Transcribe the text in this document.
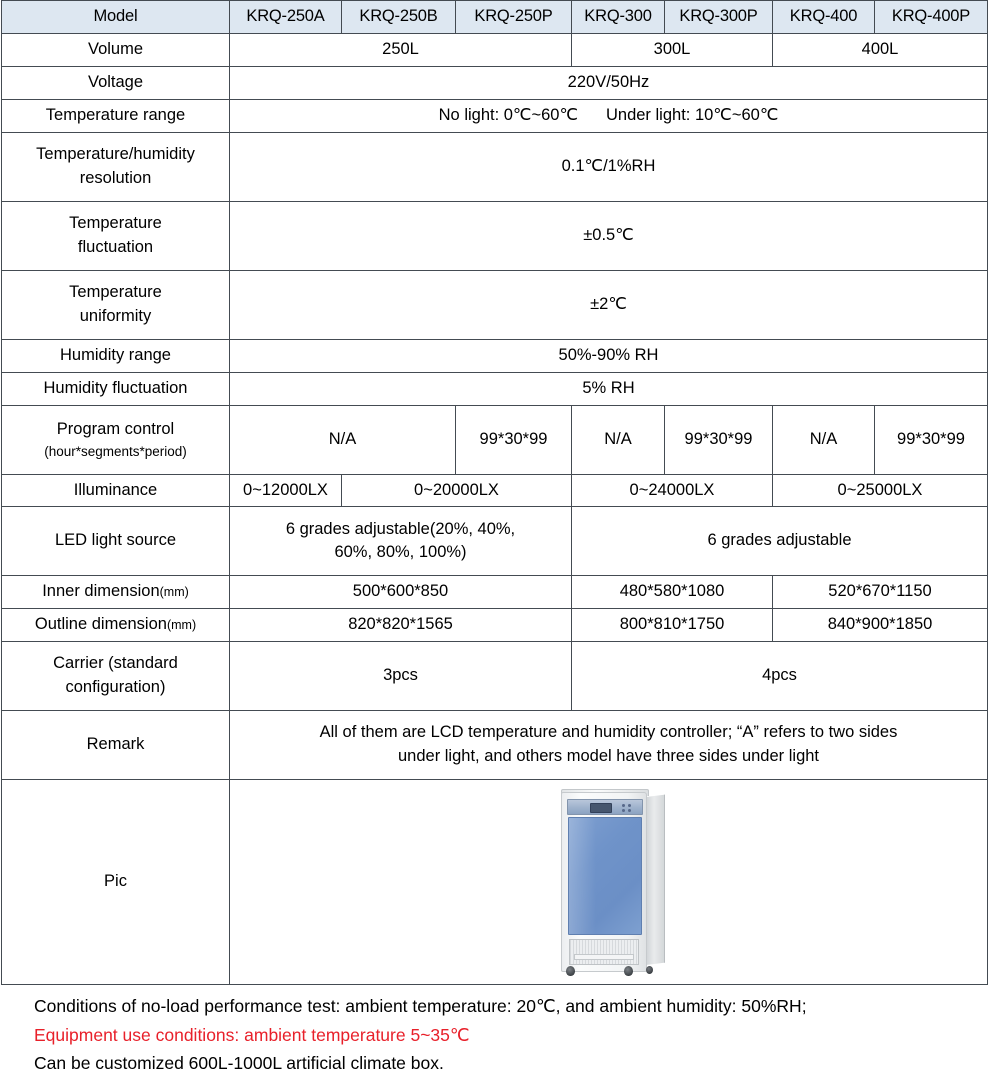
Model	KRQ-250A	KRQ-250B	KRQ-250P	KRQ-300	KRQ-300P	KRQ-400	KRQ-400P
Volume	250L			300L		400L	
Voltage	220V/50Hz						
Temperature range	No light: 0℃~60℃ Under light: 10℃~60℃						
Temperature/humidity
resolution	0.1℃/1%RH						
Temperature
fluctuation	±0.5℃						
Temperature
uniformity	±2℃						
Humidity range	50%-90% RH						
Humidity fluctuation	5% RH						
Program control
(hour*segments*period)	N/A		99*30*99	N/A	99*30*99	N/A	99*30*99
Illuminance	0~12000LX	0~20000LX		0~24000LX		0~25000LX	
LED light source	6 grades adjustable(20%, 40%,
60%, 80%, 100%)			6 grades adjustable			
Inner dimension(mm)	500*600*850			480*580*1080		520*670*1150	
Outline dimension(mm)	820*820*1565			800*810*1750		840*900*1850	
Carrier (standard
configuration)	3pcs			4pcs			
Remark	All of them are LCD temperature and humidity controller; “A” refers to two sides
under light, and others model have three sides under light						
Pic							
Conditions of no-load performance test: ambient temperature: 20℃, and ambient humidity: 50%RH;
Equipment use conditions: ambient temperature 5~35℃
Can be customized 600L-1000L artificial climate box.
